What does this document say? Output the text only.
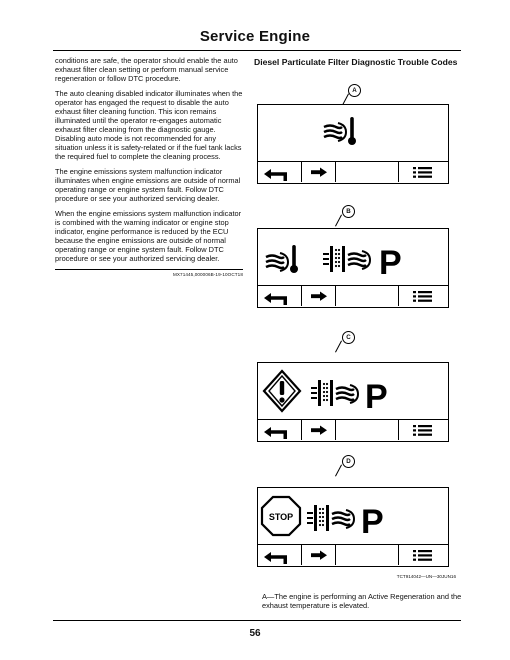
Service Engine

conditions are safe, the operator should enable the auto exhaust filter clean setting or perform manual service regeneration or follow DTC procedure.

The auto cleaning disabled indicator illuminates when the operator has engaged the request to disable the auto exhaust filter cleaning function. This icon remains illuminated until the operator re-engages automatic exhaust filter cleaning from the diagnostic gauge. Disabling auto mode is not recommended for any situation unless it is safety-related or if the fuel tank lacks the required fuel to complete the cleaning process.

The engine emissions system malfunction indicator illuminates when engine emissions are outside of normal operating range or engine system fault. Follow DTC procedure or see your authorized servicing dealer.

When the engine emissions system malfunction indicator is combined with the warning indicator or engine stop indicator, engine performance is reduced by the ECU because the engine emissions are outside of normal operating range or engine system fault. Follow DTC procedure or see your authorized servicing dealer.

MX71445,000006B-19-10OCT18
Diesel Particulate Filter Diagnostic Trouble Codes
A
B
P
C
P
D
STOP P
TCT914042—UN—30JUN16
A—The engine is performing an Active Regeneration and the exhaust temperature is elevated.
56
